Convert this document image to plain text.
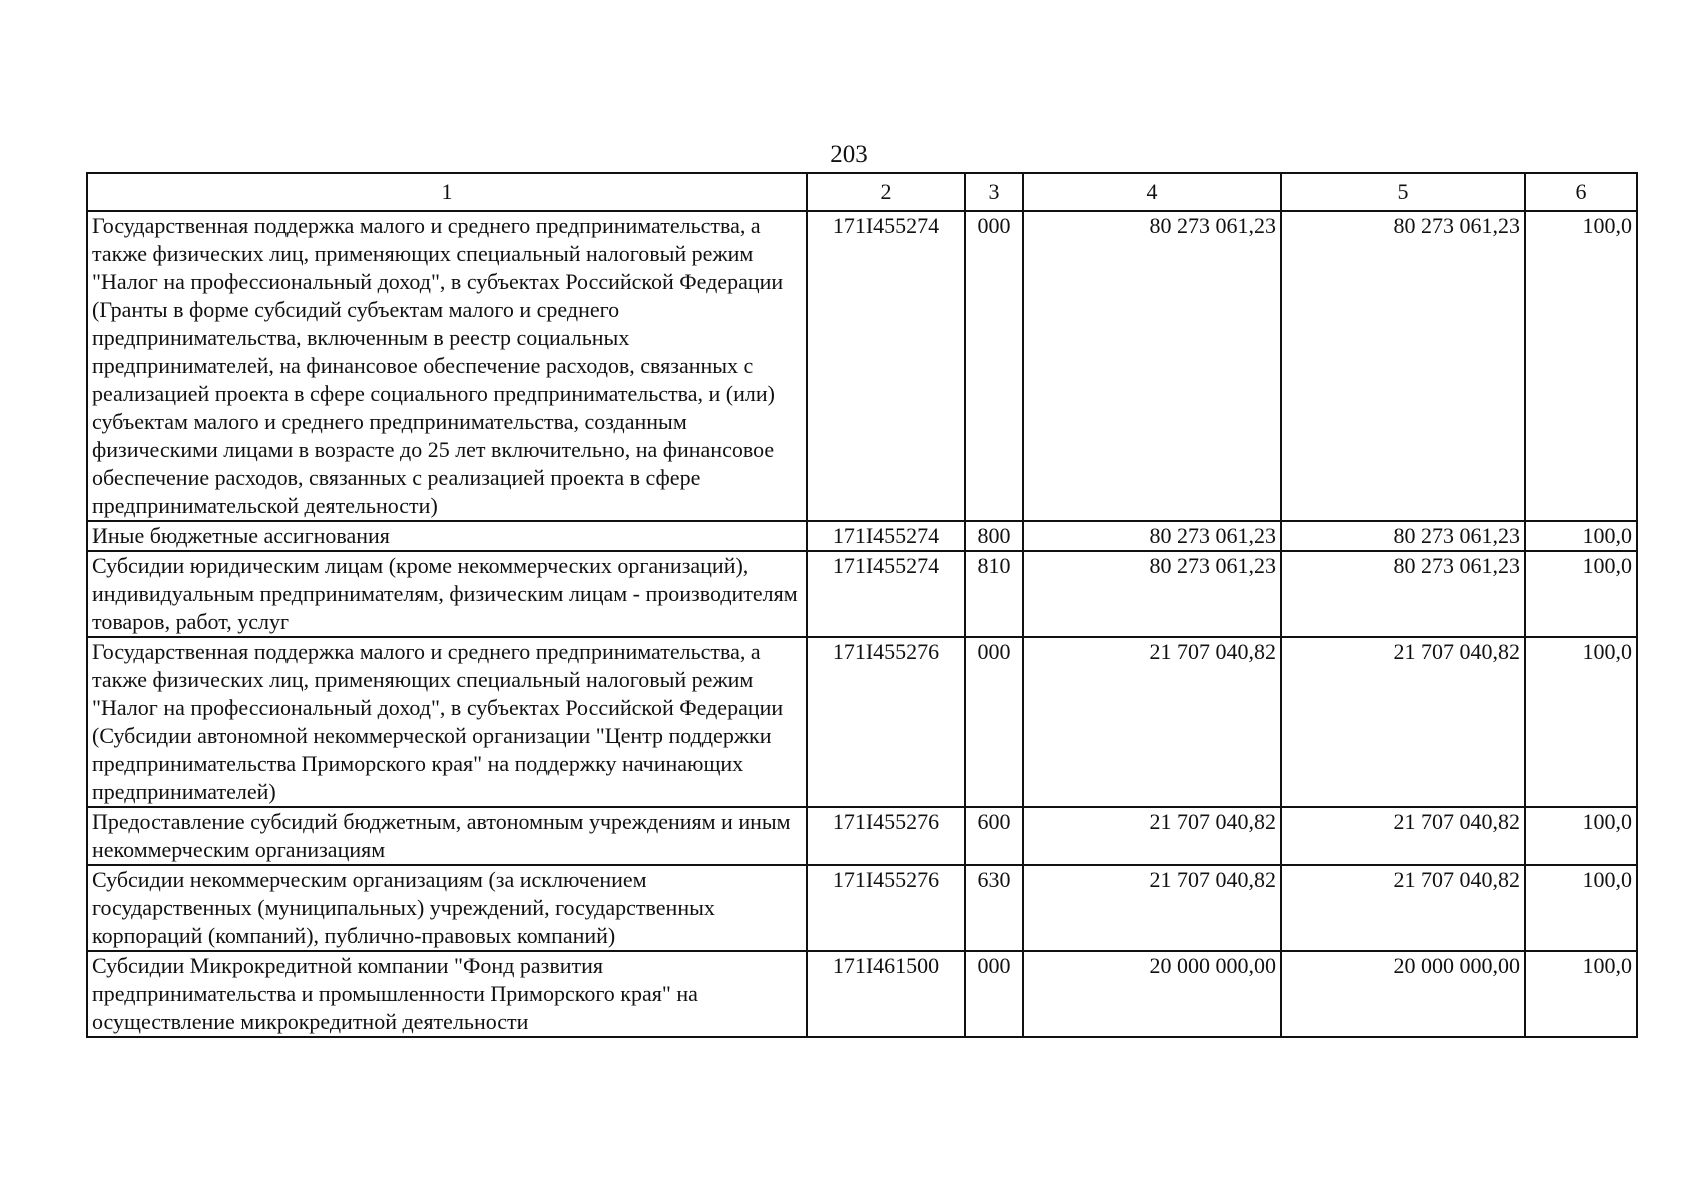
203
1	2	3	4	5	6
Государственная поддержка малого и среднего предпринимательства, а также физических лиц, применяющих специальный налоговый режим "Налог на профессиональный доход", в субъектах Российской Федерации (Гранты в форме субсидий субъектам малого и среднего предпринимательства, включенным в реестр социальных предпринимателей, на финансовое обеспечение расходов, связанных с реализацией проекта в сфере социального предпринимательства, и (или) субъектам малого и среднего предпринимательства, созданным физическими лицами в возрасте до 25 лет включительно, на финансовое обеспечение расходов, связанных с реализацией проекта в сфере предпринимательской деятельности)	171I455274	000	80 273 061,23	80 273 061,23	100,0
Иные бюджетные ассигнования	171I455274	800	80 273 061,23	80 273 061,23	100,0
Субсидии юридическим лицам (кроме некоммерческих организаций), индивидуальным предпринимателям, физическим лицам - производителям товаров, работ, услуг	171I455274	810	80 273 061,23	80 273 061,23	100,0
Государственная поддержка малого и среднего предпринимательства, а также физических лиц, применяющих специальный налоговый режим "Налог на профессиональный доход", в субъектах Российской Федерации (Субсидии автономной некоммерческой организации "Центр поддержки предпринимательства Приморского края" на поддержку начинающих предпринимателей)	171I455276	000	21 707 040,82	21 707 040,82	100,0
Предоставление субсидий бюджетным, автономным учреждениям и иным некоммерческим организациям	171I455276	600	21 707 040,82	21 707 040,82	100,0
Субсидии некоммерческим организациям (за исключением государственных (муниципальных) учреждений, государственных корпораций (компаний), публично-правовых компаний)	171I455276	630	21 707 040,82	21 707 040,82	100,0
Субсидии Микрокредитной компании "Фонд развития предпринимательства и промышленности Приморского края" на осуществление микрокредитной деятельности	171I461500	000	20 000 000,00	20 000 000,00	100,0
